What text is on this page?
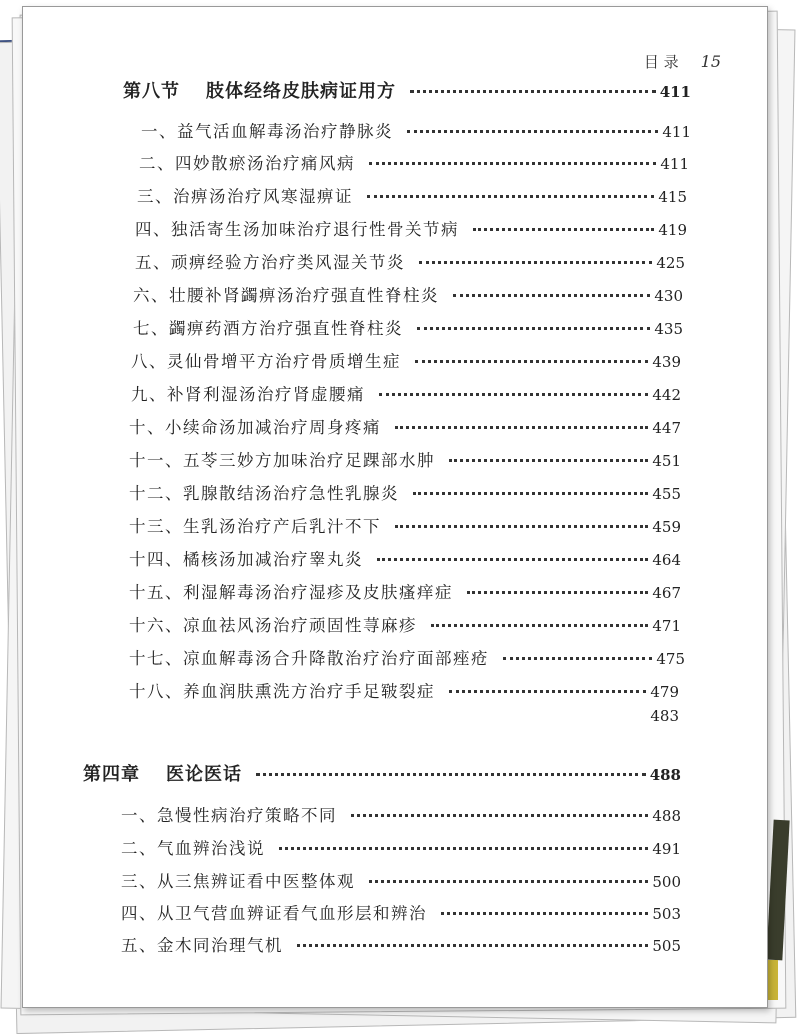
目 录 15
第八节 肢体经络皮肤病证用方	411
一、益气活血解毒汤治疗静脉炎	411
二、四妙散瘀汤治疗痛风病	411
三、治痹汤治疗风寒湿痹证	415
四、独活寄生汤加味治疗退行性骨关节病	419
五、顽痹经验方治疗类风湿关节炎	425
六、壮腰补肾蠲痹汤治疗强直性脊柱炎	430
七、蠲痹药酒方治疗强直性脊柱炎	435
八、灵仙骨增平方治疗骨质增生症	439
九、补肾利湿汤治疗肾虚腰痛	442
十、小续命汤加减治疗周身疼痛	447
十一、五苓三妙方加味治疗足踝部水肿	451
十二、乳腺散结汤治疗急性乳腺炎	455
十三、生乳汤治疗产后乳汁不下	459
十四、橘核汤加减治疗睾丸炎	464
十五、利湿解毒汤治疗湿疹及皮肤瘙痒症	467
十六、凉血祛风汤治疗顽固性荨麻疹	471
十七、凉血解毒汤合升降散治疗治疗面部痤疮	475
十八、养血润肤熏洗方治疗手足皲裂症	479
483
第四章 医论医话	488
一、急慢性病治疗策略不同	488
二、气血辨治浅说	491
三、从三焦辨证看中医整体观	500
四、从卫气营血辨证看气血形层和辨治	503
五、金木同治理气机	505
